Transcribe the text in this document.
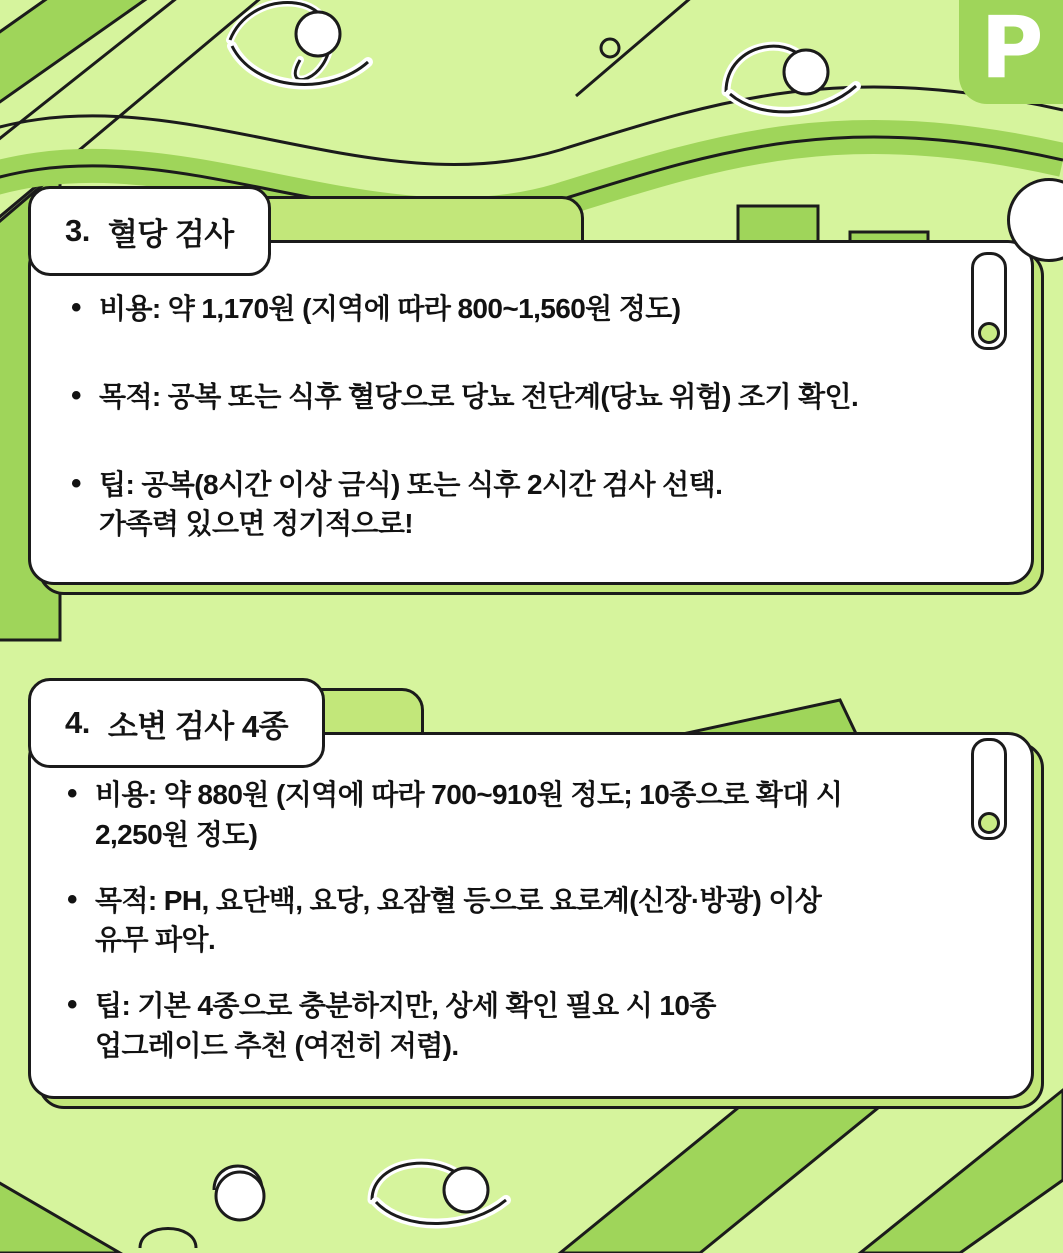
P
3. 혈당 검사
• 비용: 약 1,170원 (지역에 따라 800~1,560원 정도)
• 목적: 공복 또는 식후 혈당으로 당뇨 전단계(당뇨 위험) 조기 확인.
• 팁: 공복(8시간 이상 금식) 또는 식후 2시간 검사 선택.
가족력 있으면 정기적으로!
4. 소변 검사 4종
• 비용: 약 880원 (지역에 따라 700~910원 정도; 10종으로 확대 시
2,250원 정도)
• 목적: PH, 요단백, 요당, 요잠혈 등으로 요로계(신장·방광) 이상
유무 파악.
• 팁: 기본 4종으로 충분하지만, 상세 확인 필요 시 10종
업그레이드 추천 (여전히 저렴).
